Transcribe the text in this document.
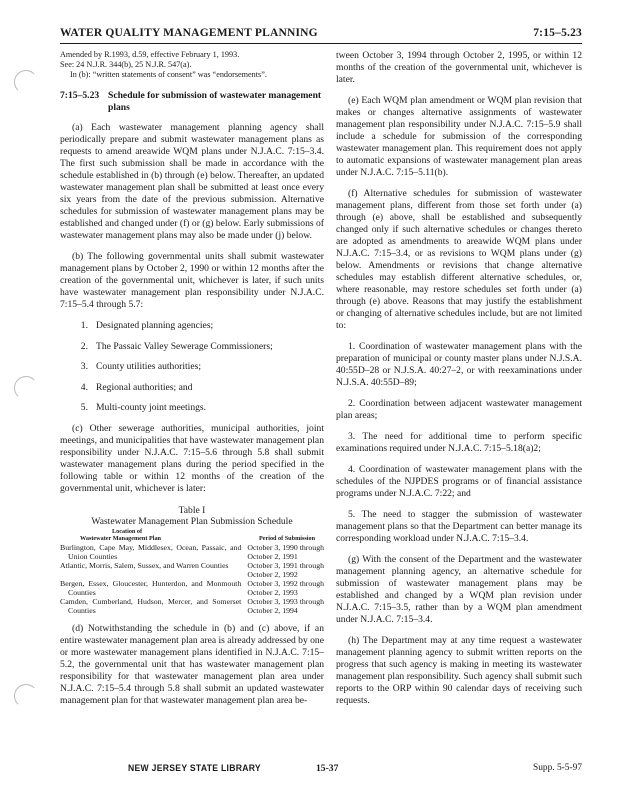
WATER QUALITY MANAGEMENT PLANNING	7:15–5.23

Amended by R.1993, d.59, effective February 1, 1993.

See: 24 N.J.R. 344(b), 25 N.J.R. 547(a).

In (b): “written statements of consent” was “endorsements”.

7:15–5.23 Schedule for submission of wastewater management plans

(a) Each wastewater management planning agency shall periodically prepare and submit wastewater management plans as requests to amend areawide WQM plans under N.J.A.C. 7:15–3.4. The first such submission shall be made in accordance with the schedule established in (b) through (e) below. Thereafter, an updated wastewater management plan shall be submitted at least once every six years from the date of the previous submission. Alternative schedules for submission of wastewater management plans may be established and changed under (f) or (g) below. Early submissions of wastewater management plans may also be made under (j) below.

(b) The following governmental units shall submit wastewater management plans by October 2, 1990 or within 12 months after the creation of the governmental unit, whichever is later, if such units have wastewater management plan responsibility under N.J.A.C. 7:15–5.4 through 5.7:

1. Designated planning agencies;
2. The Passaic Valley Sewerage Commissioners;
3. County utilities authorities;
4. Regional authorities; and
5. Multi-county joint meetings.

(c) Other sewerage authorities, municipal authorities, joint meetings, and municipalities that have wastewater management plan responsibility under N.J.A.C. 7:15–5.6 through 5.8 shall submit wastewater management plans during the period specified in the following table or within 12 months of the creation of the governmental unit, whichever is later:

Table I
Wastewater Management Plan Submission Schedule
Location of
Wastewater Management Plan	Period of Submission
Burlington, Cape May, Middlesex, Ocean, Passaic, and Union Counties	October 3, 1990 through
October 2, 1991

Atlantic, Morris, Salem, Sussex, and Warren Counties	October 3, 1991 through
October 2, 1992

Bergen, Essex, Gloucester, Hunterdon, and Monmouth Counties	October 3, 1992 through
October 2, 1993

Camden, Cumberland, Hudson, Mercer, and Somerset Counties	October 3, 1993 through
October 2, 1994

(d) Notwithstanding the schedule in (b) and (c) above, if an entire wastewater management plan area is already addressed by one or more wastewater management plans identified in N.J.A.C. 7:15–5.2, the governmental unit that has wastewater management plan responsibility for that wastewater management plan area under N.J.A.C. 7:15–5.4 through 5.8 shall submit an updated wastewater management plan for that wastewater management plan area be-

tween October 3, 1994 through October 2, 1995, or within 12 months of the creation of the governmental unit, whichever is later.

(e) Each WQM plan amendment or WQM plan revision that makes or changes alternative assignments of wastewater management plan responsibility under N.J.A.C. 7:15–5.9 shall include a schedule for submission of the corresponding wastewater management plan. This requirement does not apply to automatic expansions of wastewater management plan areas under N.J.A.C. 7:15–5.11(b).

(f) Alternative schedules for submission of wastewater management plans, different from those set forth under (a) through (e) above, shall be established and subsequently changed only if such alternative schedules or changes thereto are adopted as amendments to areawide WQM plans under N.J.A.C. 7:15–3.4, or as revisions to WQM plans under (g) below. Amendments or revisions that change alternative schedules may establish different alternative schedules, or, where reasonable, may restore schedules set forth under (a) through (e) above. Reasons that may justify the establishment or changing of alternative schedules include, but are not limited to:

1. Coordination of wastewater management plans with the preparation of municipal or county master plans under N.J.S.A. 40:55D–28 or N.J.S.A. 40:27–2, or with reexaminations under N.J.S.A. 40:55D–89;

2. Coordination between adjacent wastewater management plan areas;

3. The need for additional time to perform specific examinations required under N.J.A.C. 7:15–5.18(a)2;

4. Coordination of wastewater management plans with the schedules of the NJPDES programs or of financial assistance programs under N.J.A.C. 7:22; and

5. The need to stagger the submission of wastewater management plans so that the Department can better manage its corresponding workload under N.J.A.C. 7:15–3.4.

(g) With the consent of the Department and the wastewater management planning agency, an alternative schedule for submission of wastewater management plans may be established and changed by a WQM plan revision under N.J.A.C. 7:15–3.5, rather than by a WQM plan amendment under N.J.A.C. 7:15–3.4.

(h) The Department may at any time request a wastewater management planning agency to submit written reports on the progress that such agency is making in meeting its wastewater management plan responsibility. Such agency shall submit such reports to the ORP within 90 calendar days of receiving such requests.

NEW JERSEY STATE LIBRARY	15-37	Supp. 5-5-97
